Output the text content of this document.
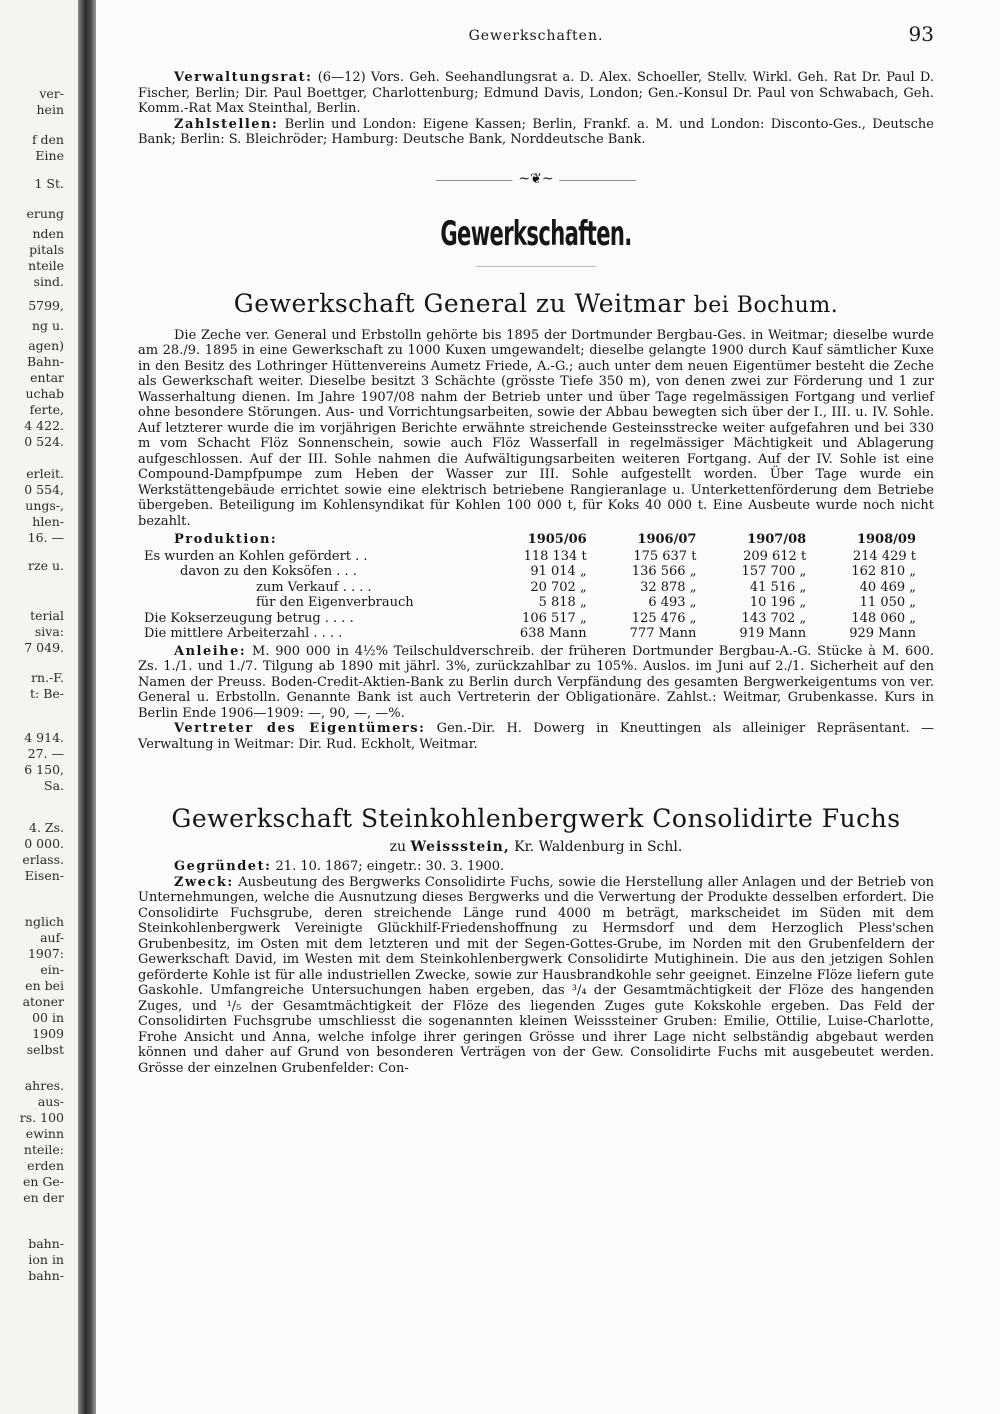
ver-
hein
f den
Eine
1 St.
erung
nden
pitals
nteile
sind.
5799,
ng u.
agen)
Bahn-
entar
uchab
ferte,
4 422.
0 524.
erleit.
0 554,
ungs-,
hlen-
16. —
rze u.
terial
siva:
7 049.
rn.-F.
t: Be-
4 914.
27. —
6 150,
Sa.
4. Zs.
0 000.
erlass.
Eisen-
nglich
auf-
1907:
ein-
en bei
atoner
00 in
1909
selbst
ahres.
aus-
rs. 100
ewinn
nteile:
erden
en Ge-
en der
bahn-
ion in
bahn-
Gewerkschaften.	93

Verwaltungsrat: (6—12) Vors. Geh. Seehandlungsrat a. D. Alex. Schoeller, Stellv. Wirkl. Geh. Rat Dr. Paul D. Fischer, Berlin; Dir. Paul Boettger, Charlottenburg; Edmund Davis, London; Gen.-Konsul Dr. Paul von Schwabach, Geh. Komm.-Rat Max Steinthal, Berlin.

Zahlstellen: Berlin und London: Eigene Kassen; Berlin, Frankf. a. M. und London: Disconto-Ges., Deutsche Bank; Berlin: S. Bleichröder; Hamburg: Deutsche Bank, Norddeutsche Bank.

~❦~
Gewerkschaften.
Gewerkschaft General zu Weitmar bei Bochum.

Die Zeche ver. General und Erbstolln gehörte bis 1895 der Dortmunder Bergbau-Ges. in Weitmar; dieselbe wurde am 28./9. 1895 in eine Gewerkschaft zu 1000 Kuxen umgewandelt; dieselbe gelangte 1900 durch Kauf sämtlicher Kuxe in den Besitz des Lothringer Hüttenvereins Aumetz Friede, A.-G.; auch unter dem neuen Eigentümer besteht die Zeche als Gewerkschaft weiter. Dieselbe besitzt 3 Schächte (grösste Tiefe 350 m), von denen zwei zur Förderung und 1 zur Wasserhaltung dienen. Im Jahre 1907/08 nahm der Betrieb unter und über Tage regelmässigen Fortgang und verlief ohne besondere Störungen. Aus- und Vorrichtungsarbeiten, sowie der Abbau bewegten sich über der I., III. u. IV. Sohle. Auf letzterer wurde die im vorjährigen Berichte erwähnte streichende Gesteinsstrecke weiter aufgefahren und bei 330 m vom Schacht Flöz Sonnenschein, sowie auch Flöz Wasserfall in regelmässiger Mächtigkeit und Ablagerung aufgeschlossen. Auf der III. Sohle nahmen die Aufwältigungsarbeiten weiteren Fortgang. Auf der IV. Sohle ist eine Compound-Dampfpumpe zum Heben der Wasser zur III. Sohle aufgestellt worden. Über Tage wurde ein Werkstättengebäude errichtet sowie eine elektrisch betriebene Rangieranlage u. Unterkettenförderung dem Betriebe übergeben. Beteiligung im Kohlensyndikat für Kohlen 100 000 t, für Koks 40 000 t. Eine Ausbeute wurde noch nicht bezahlt.

Produktion:	1905/06	1906/07	1907/08	1908/09
Es wurden an Kohlen gefördert . .	118 134 t	175 637 t	209 612 t	214 429 t
davon zu den Koksöfen . . .	91 014 „	136 566 „	157 700 „	162 810 „
zum Verkauf . . . .	20 702 „	32 878 „	41 516 „	40 469 „
für den Eigenverbrauch	5 818 „	6 493 „	10 196 „	11 050 „
Die Kokserzeugung betrug . . . .	106 517 „	125 476 „	143 702 „	148 060 „
Die mittlere Arbeiterzahl . . . .	638 Mann	777 Mann	919 Mann	929 Mann

Anleihe: M. 900 000 in 4½% Teilschuldverschreib. der früheren Dortmunder Bergbau-A.-G. Stücke à M. 600. Zs. 1./1. und 1./7. Tilgung ab 1890 mit jährl. 3%, zurückzahlbar zu 105%. Auslos. im Juni auf 2./1. Sicherheit auf den Namen der Preuss. Boden-Credit-Aktien-Bank zu Berlin durch Verpfändung des gesamten Bergwerkeigentums von ver. General u. Erbstolln. Genannte Bank ist auch Vertreterin der Obligationäre. Zahlst.: Weitmar, Grubenkasse. Kurs in Berlin Ende 1906—1909: —, 90, —, —%.

Vertreter des Eigentümers: Gen.-Dir. H. Dowerg in Kneuttingen als alleiniger Repräsentant. — Verwaltung in Weitmar: Dir. Rud. Eckholt, Weitmar.

Gewerkschaft Steinkohlenbergwerk Consolidirte Fuchs
zu Weissstein, Kr. Waldenburg in Schl.

Gegründet: 21. 10. 1867; eingetr.: 30. 3. 1900.

Zweck: Ausbeutung des Bergwerks Consolidirte Fuchs, sowie die Herstellung aller Anlagen und der Betrieb von Unternehmungen, welche die Ausnutzung dieses Bergwerks und die Verwertung der Produkte desselben erfordert. Die Consolidirte Fuchsgrube, deren streichende Länge rund 4000 m beträgt, markscheidet im Süden mit dem Steinkohlenbergwerk Vereinigte Glückhilf-Friedenshoffnung zu Hermsdorf und dem Herzoglich Pless'schen Grubenbesitz, im Osten mit dem letzteren und mit der Segen-Gottes-Grube, im Norden mit den Grubenfeldern der Gewerkschaft David, im Westen mit dem Steinkohlenbergwerk Consolidirte Mutighinein. Die aus den jetzigen Sohlen geförderte Kohle ist für alle industriellen Zwecke, sowie zur Hausbrandkohle sehr geeignet. Einzelne Flöze liefern gute Gaskohle. Umfangreiche Untersuchungen haben ergeben, das ³/₄ der Gesamtmächtigkeit der Flöze des hangenden Zuges, und ¹/₅ der Gesamtmächtigkeit der Flöze des liegenden Zuges gute Kokskohle ergeben. Das Feld der Consolidirten Fuchsgrube umschliesst die sogenannten kleinen Weisssteiner Gruben: Emilie, Ottilie, Luise-Charlotte, Frohe Ansicht und Anna, welche infolge ihrer geringen Grösse und ihrer Lage nicht selbständig abgebaut werden können und daher auf Grund von besonderen Verträgen von der Gew. Consolidirte Fuchs mit ausgebeutet werden. Grösse der einzelnen Grubenfelder: Con-
